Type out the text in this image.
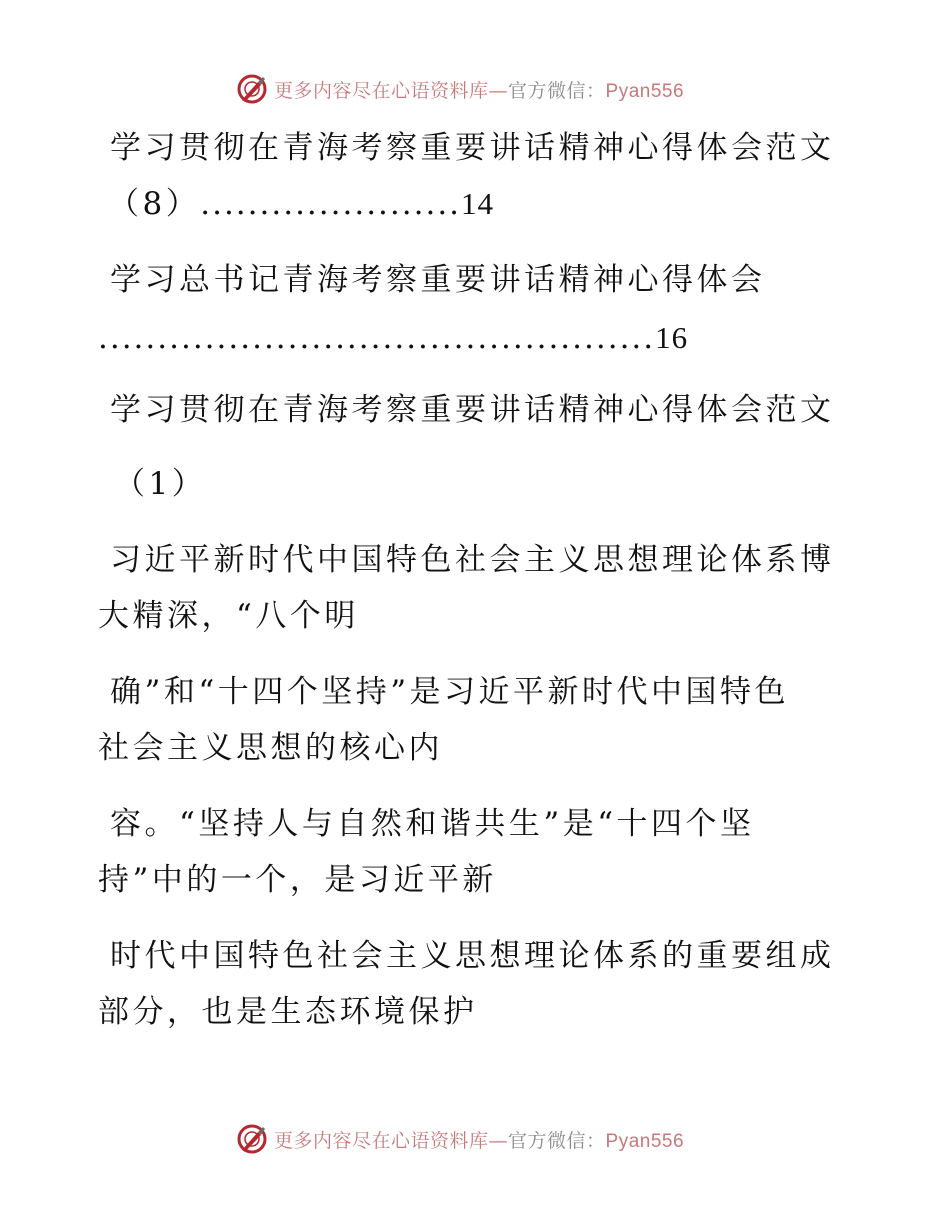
更多内容尽在心语资料库—官方微信：Pyan556
学习贯彻在青海考察重要讲话精神心得体会范文
（8）......................14
学习总书记青海考察重要讲话精神心得体会
...............................................16
学习贯彻在青海考察重要讲话精神心得体会范文
（1）
习近平新时代中国特色社会主义思想理论体系博
大精深，“八个明
确”和“十四个坚持”是习近平新时代中国特色
社会主义思想的核心内
容。“坚持人与自然和谐共生”是“十四个坚
持”中的一个，是习近平新
时代中国特色社会主义思想理论体系的重要组成
部分，也是生态环境保护
更多内容尽在心语资料库—官方微信：Pyan556
